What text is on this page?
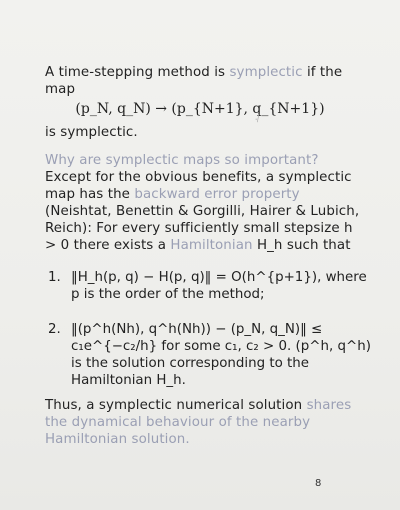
A time-stepping method is symplectic if the map
(p_N, q_N) → (p_{N+1}, q_{N+1})
·⁄
is symplectic.
Why are symplectic maps so important?
Except for the obvious benefits, a symplectic map has the backward error property (Neishtat, Benettin & Gorgilli, Hairer & Lubich, Reich): For every sufficiently small stepsize h > 0 there exists a Hamiltonian H_h such that
1. ‖H_h(p, q) − H(p, q)‖ = O(h^{p+1}), where p is the order of the method;
2. ‖(p^h(Nh), q^h(Nh)) − (p_N, q_N)‖ ≤ c₁e^{−c₂/h} for some c₁, c₂ > 0. (p^h, q^h) is the solution corresponding to the Hamiltonian H_h.
Thus, a symplectic numerical solution shares the dynamical behaviour of the nearby Hamiltonian solution.
8
